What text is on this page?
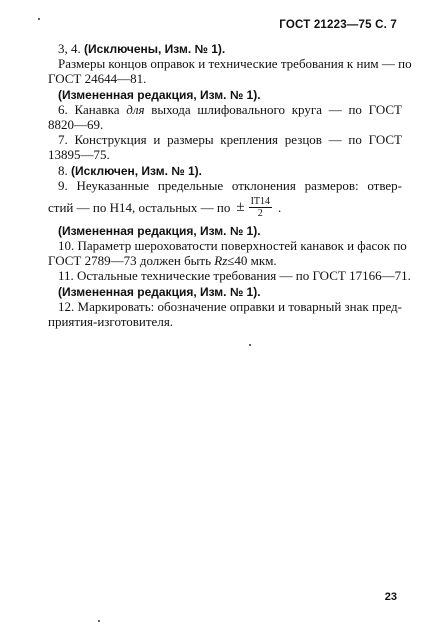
ГОСТ 21223—75 С. 7
3, 4. (Исключены, Изм. № 1).
Размеры концов оправок и технические требования к ним — по
ГОСТ 24644—81.
(Измененная редакция, Изм. № 1).
6. Канавка для выхода шлифовального круга — по ГОСТ
8820—69.
7. Конструкция и размеры крепления резцов — по ГОСТ
13895—75.
8. (Исключен, Изм. № 1).
9. Неуказанные предельные отклонения размеров: отвер-
стий — по H14, остальных — по ± $\frac{IT14}{2}$ .
(Измененная редакция, Изм. № 1).
10. Параметр шероховатости поверхностей канавок и фасок по
ГОСТ 2789—73 должен быть Rz≤40 мкм.
11. Остальные технические требования — по ГОСТ 17166—71.
(Измененная редакция, Изм. № 1).
12. Маркировать: обозначение оправки и товарный знак пред-
приятия-изготовителя.
23
